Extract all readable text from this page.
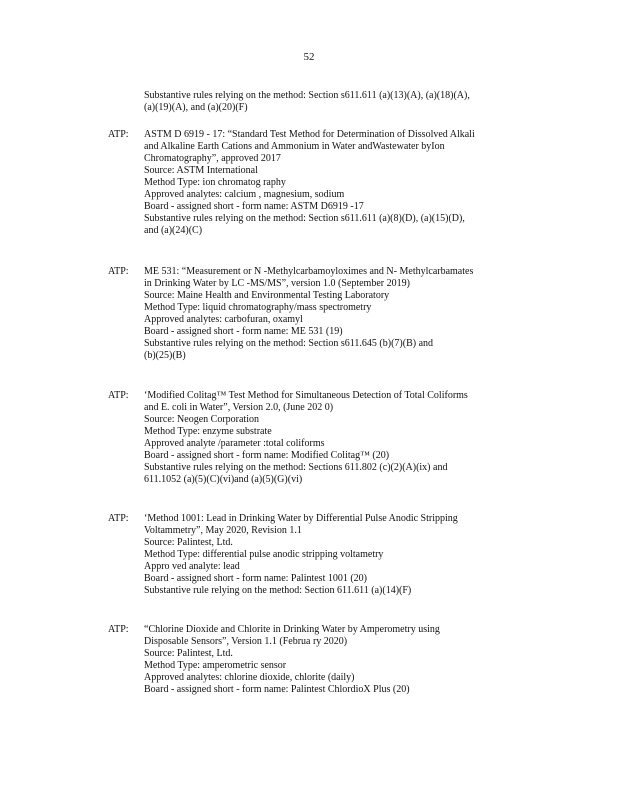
52
Substantive rules relying on the method: Section s611.611 (a)(13)(A), (a)(18)(A),
(a)(19)(A), and (a)(20)(F)
ATP:	ASTM D 6919 - 17: “Standard Test Method for Determination of Dissolved Alkali
and Alkaline Earth Cations and Ammonium in Water andWastewater byIon
Chromatography”, approved 2017
Source: ASTM International
Method Type: ion chromatog raphy
Approved analytes: calcium , magnesium, sodium
Board - assigned short - form name: ASTM D6919 -17
Substantive rules relying on the method: Section s611.611 (a)(8)(D), (a)(15)(D),
and (a)(24)(C)
ATP:	ME 531: “Measurement or N -Methylcarbamoyloximes and N- Methylcarbamates
in Drinking Water by LC -MS/MS”, version 1.0 (September 2019)
Source: Maine Health and Environmental Testing Laboratory
Method Type: liquid chromatography/mass spectrometry
Approved analytes: carbofuran, oxamyl
Board - assigned short - form name: ME 531 (19)
Substantive rules relying on the method: Section s611.645 (b)(7)(B) and
(b)(25)(B)
ATP:	‘Modified Colitag™ Test Method for Simultaneous Detection of Total Coliforms
and E. coli in Water”, Version 2.0, (June 202 0)
Source: Neogen Corporation
Method Type: enzyme substrate
Approved analyte /parameter :total coliforms
Board - assigned short - form name: Modified Colitag™ (20)
Substantive rules relying on the method: Sections 611.802 (c)(2)(A)(ix) and
611.1052 (a)(5)(C)(vi)and (a)(5)(G)(vi)
ATP:	‘Method 1001: Lead in Drinking Water by Differential Pulse Anodic Stripping
Voltammetry”, May 2020, Revision 1.1
Source: Palintest, Ltd.
Method Type: differential pulse anodic stripping voltametry
Appro ved analyte: lead
Board - assigned short - form name: Palintest 1001 (20)
Substantive rule relying on the method: Section 611.611 (a)(14)(F)
ATP:	“Chlorine Dioxide and Chlorite in Drinking Water by Amperometry using
Disposable Sensors”, Version 1.1 (Februa ry 2020)
Source: Palintest, Ltd.
Method Type: amperometric sensor
Approved analytes: chlorine dioxide, chlorite (daily)
Board - assigned short - form name: Palintest ChlordioX Plus (20)
